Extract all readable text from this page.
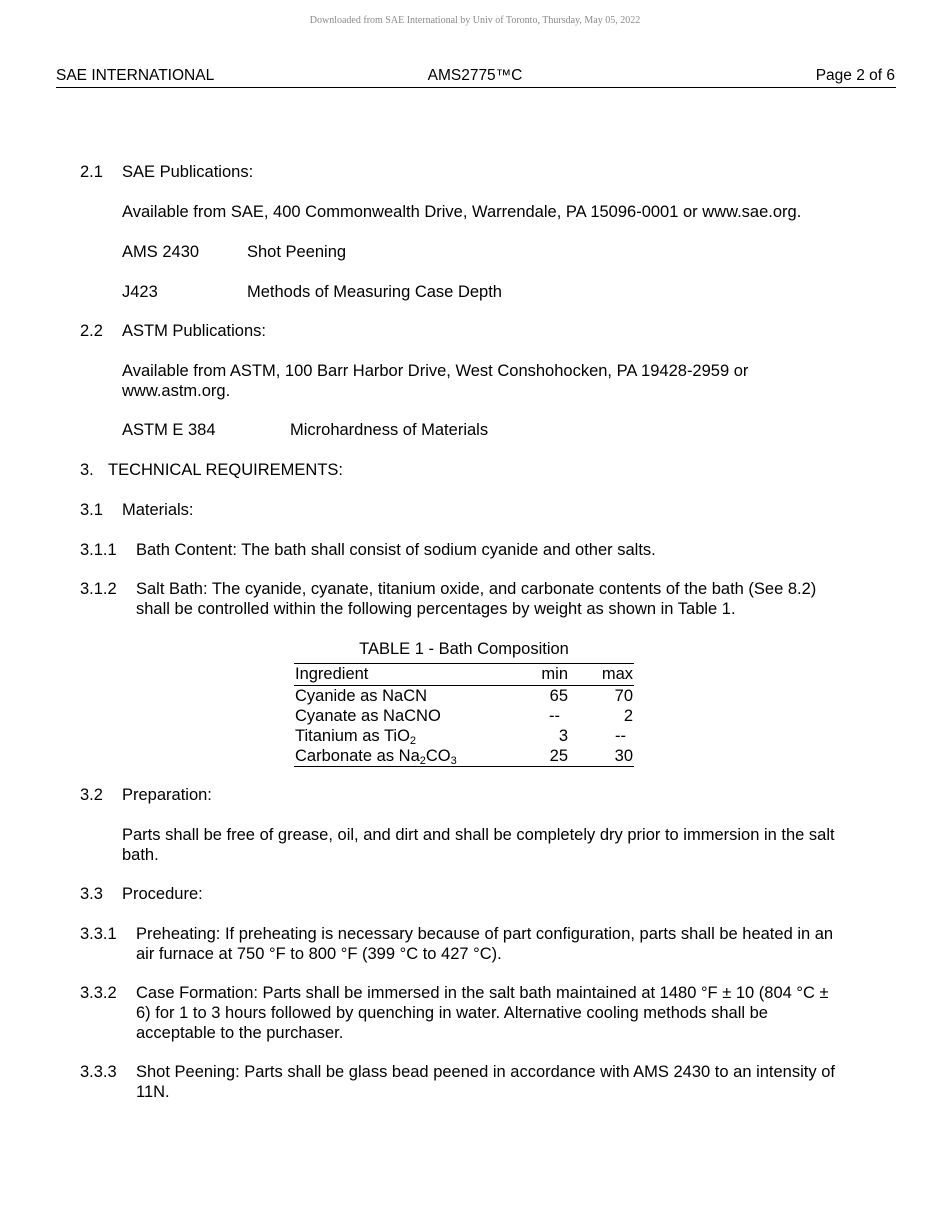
Downloaded from SAE International by Univ of Toronto, Thursday, May 05, 2022
SAE INTERNATIONAL	AMS2775™C	Page 2 of 6
2.1 SAE Publications:
Available from SAE, 400 Commonwealth Drive, Warrendale, PA 15096-0001 or www.sae.org.
AMS 2430	Shot Peening
J423	Methods of Measuring Case Depth
2.2 ASTM Publications:
Available from ASTM, 100 Barr Harbor Drive, West Conshohocken, PA 19428-2959 or www.astm.org.
ASTM E 384	Microhardness of Materials
3. TECHNICAL REQUIREMENTS:
3.1 Materials:
3.1.1 Bath Content: The bath shall consist of sodium cyanide and other salts.
3.1.2 Salt Bath: The cyanide, cyanate, titanium oxide, and carbonate contents of the bath (See 8.2) shall be controlled within the following percentages by weight as shown in Table 1.
TABLE 1 - Bath Composition
Ingredient	min max
Cyanide as NaCN	65	70
Cyanate as NaCNO	--	2
Titanium as TiO$_2$	3	--
Carbonate as $Na_2CO_3$	25	30
3.2 Preparation:
Parts shall be free of grease, oil, and dirt and shall be completely dry prior to immersion in the salt bath.
3.3 Procedure:
3.3.1 Preheating: If preheating is necessary because of part configuration, parts shall be heated in an air furnace at 750 °F to 800 °F (399 °C to 427 °C).
3.3.2 Case Formation: Parts shall be immersed in the salt bath maintained at 1480 °F ± 10 (804 °C ± 6) for 1 to 3 hours followed by quenching in water. Alternative cooling methods shall be acceptable to the purchaser.
3.3.3 Shot Peening: Parts shall be glass bead peened in accordance with AMS 2430 to an intensity of 11N.
